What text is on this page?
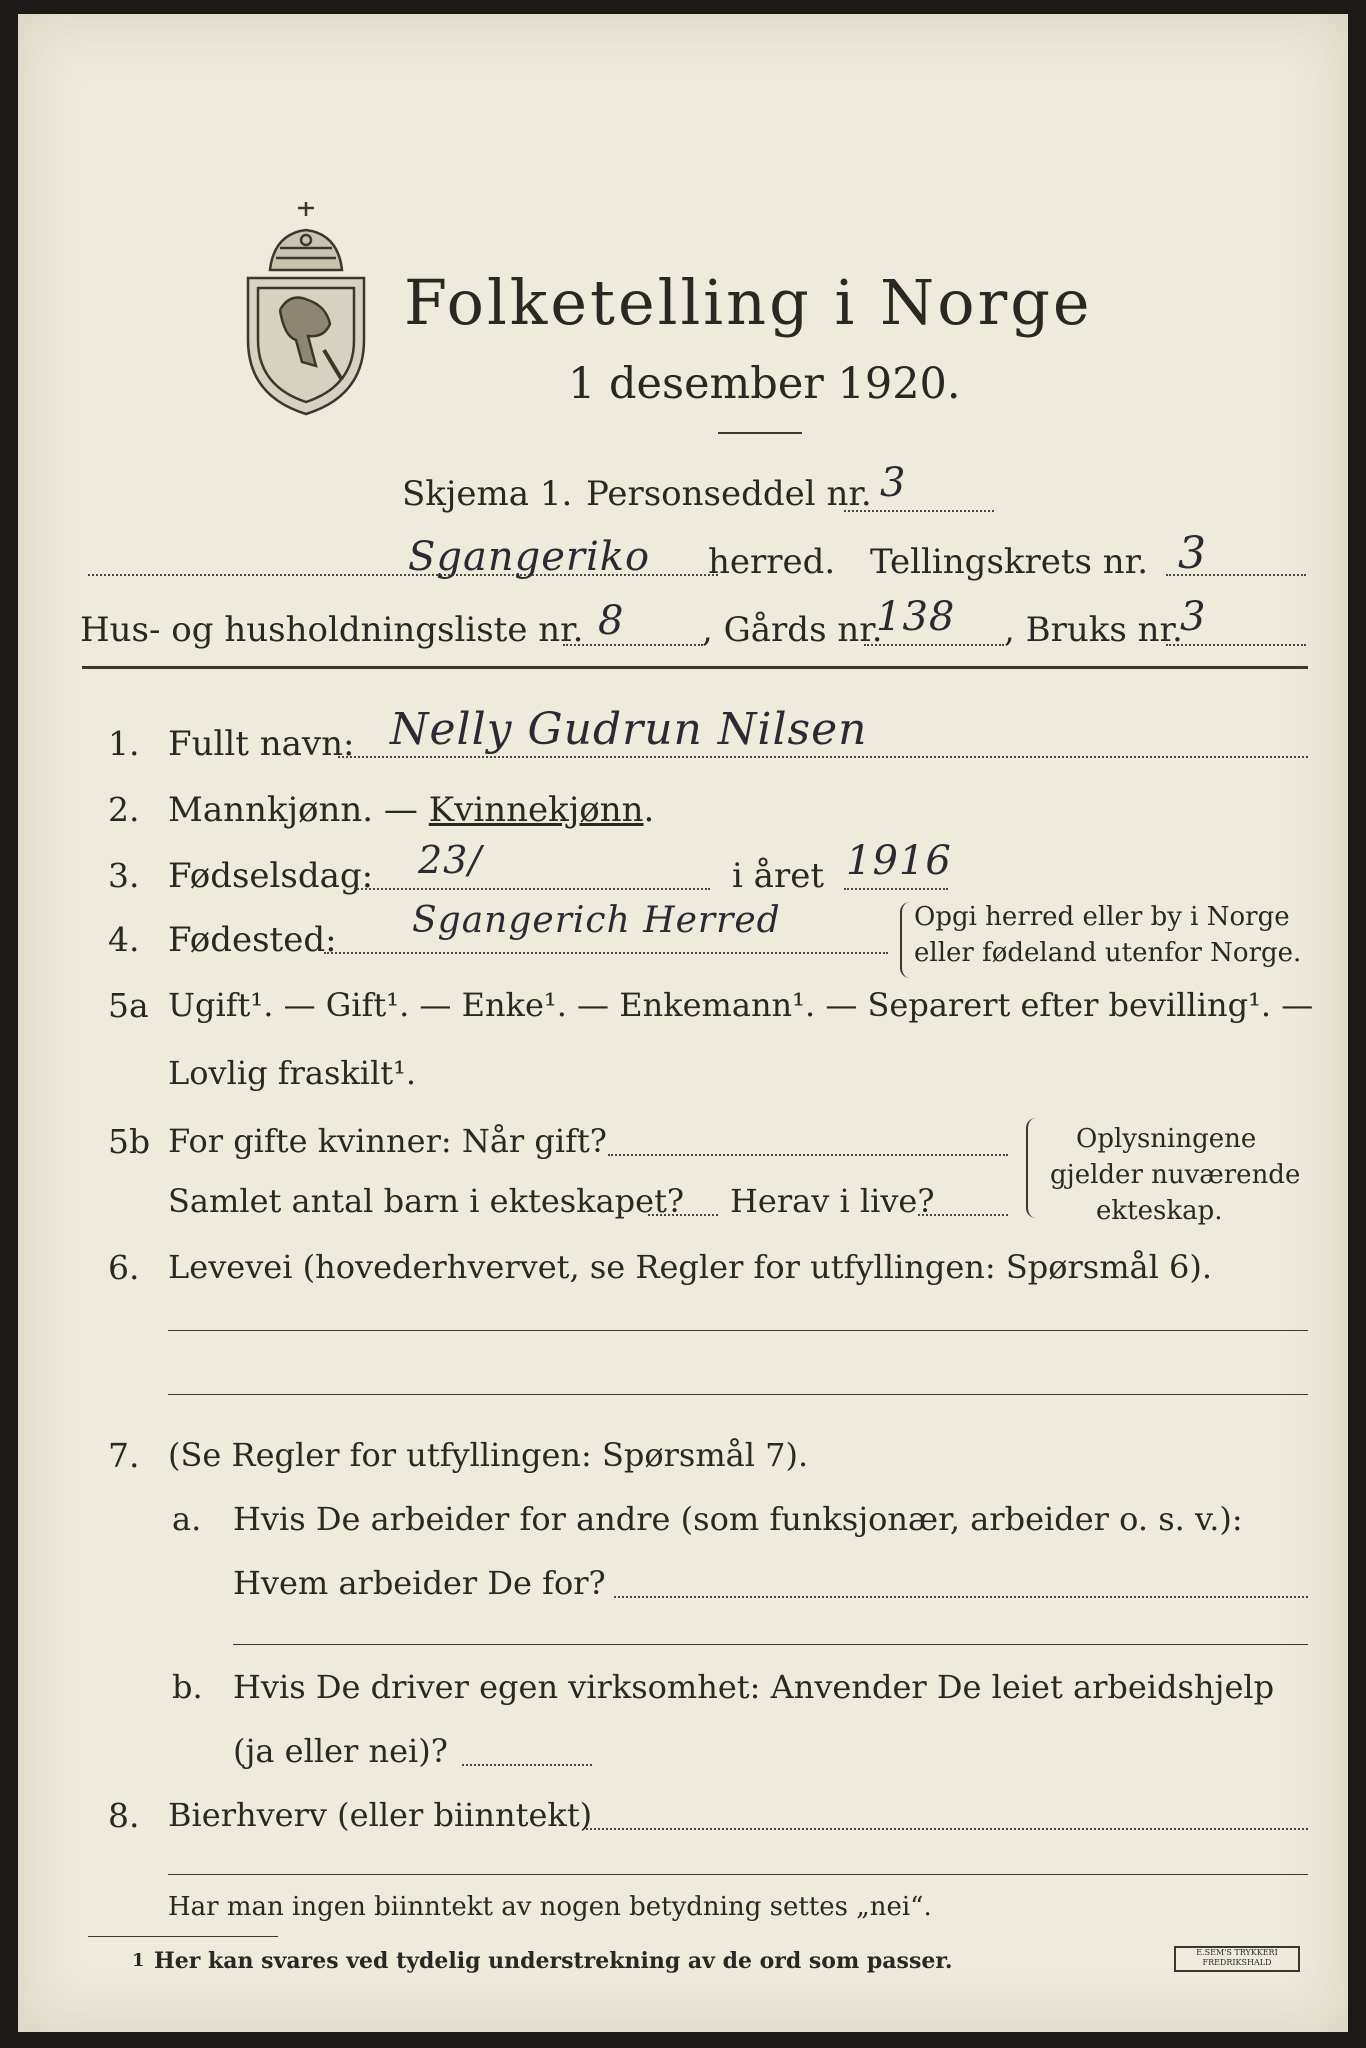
Folketelling i Norge
1 desember 1920.
Skjema 1. Personseddel nr. 3
Sgangeriko herred. Tellingskrets nr. 3
Hus- og husholdningsliste nr. 8 , Gårds nr.
138 , Bruks nr.
3
1. Fullt navn: Nelly Gudrun Nilsen
2. Mannkjønn. — Kvinnekjønn.
3. Fødselsdag: 23/	i året 1916
4. Fødested: Sgangerich Herred	Opgi herred eller by i Norge
eller fødeland utenfor Norge.
5a Ugift¹. — Gift¹. — Enke¹. — Enkemann¹. — Separert efter bevilling¹. —
Lovlig fraskilt¹.
5b For gifte kvinner: Når gift?
Samlet antal barn i ekteskapet? Herav i live?
Oplysningene
gjelder nuværende
ekteskap.
6. Levevei (hovederhvervet, se Regler for utfyllingen: Spørsmål 6).
7. (Se Regler for utfyllingen: Spørsmål 7).
a. Hvis De arbeider for andre (som funksjonær, arbeider o. s. v.):
Hvem arbeider De for?
b. Hvis De driver egen virksomhet: Anvender De leiet arbeidshjelp
(ja eller nei)?
8. Bierhverv (eller biinntekt)
Har man ingen biinntekt av nogen betydning settes „nei“.
1 Her kan svares ved tydelig understrekning av de ord som passer.	E.SEM'S TRYKKERI
FREDRIKSHALD
